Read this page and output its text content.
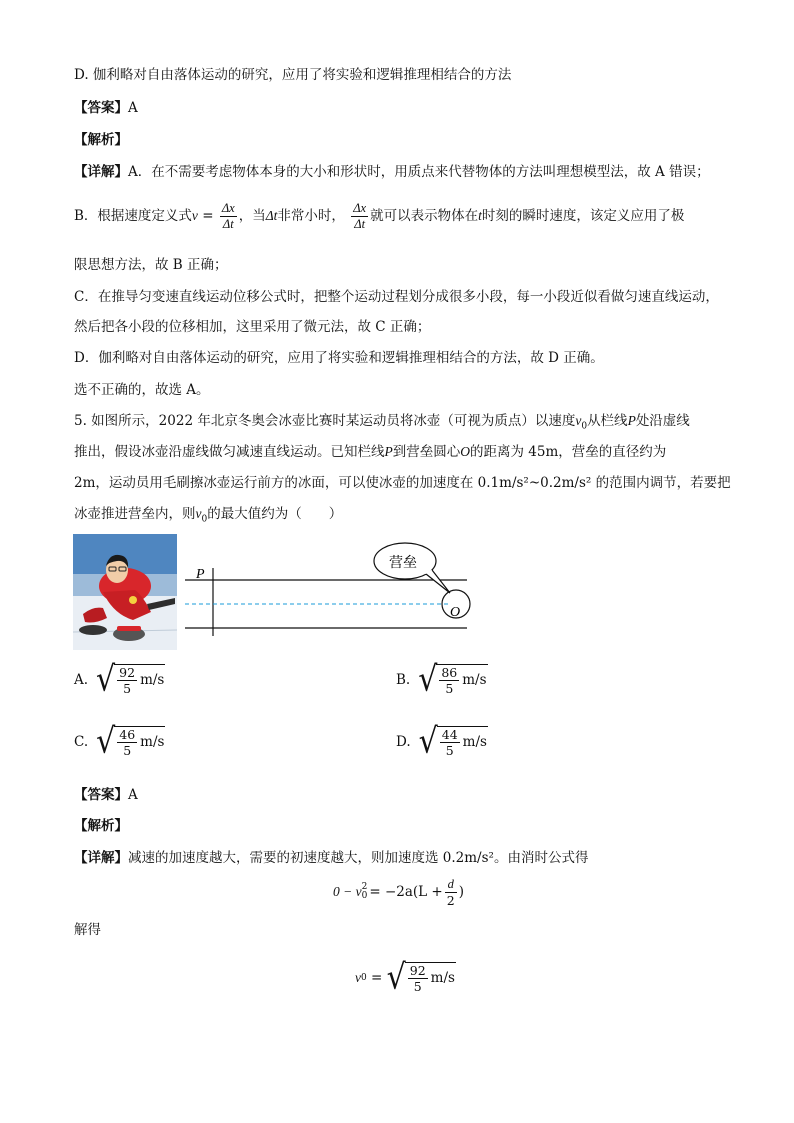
D. 伽利略对自由落体运动的研究，应用了将实验和逻辑推理相结合的方法
【答案】A
【解析】
【详解】A．在不需要考虑物体本身的大小和形状时，用质点来代替物体的方法叫理想模型法，故 A 错误；
B．根据速度定义式$v = \frac{\Delta x}{\Delta t}$ ，当Δt非常小时， $\frac{\Delta x}{\Delta t}$ 就可以表示物体在t时刻的瞬时速度，该定义应用了极
限思想方法，故 B 正确；
C．在推导匀变速直线运动位移公式时，把整个运动过程划分成很多小段，每一小段近似看做匀速直线运动，
然后把各小段的位移相加，这里采用了微元法，故 C 正确；
D．伽利略对自由落体运动的研究，应用了将实验和逻辑推理相结合的方法，故 D 正确。
选不正确的，故选 A。
5. 如图所示，2022 年北京冬奥会冰壶比赛时某运动员将冰壶（可视为质点）以速度$v_0$从栏线P处沿虚线
推出，假设冰壶沿虚线做匀减速直线运动。已知栏线P到营垒圆心O的距离为 45m，营垒的直径约为
2m，运动员用毛刷擦冰壶运行前方的冰面，可以使冰壶的加速度在 0.1m/s²~0.2m/s² 的范围内调节，若要把
冰壶推进营垒内，则$v_0$的最大值约为（　　）
P
O
营垒
A. √ $\frac{92}{5} m/s$	B. √ $\frac{86}{5} m/s$
C. √ $\frac{46}{5} m/s$	D. √ $\frac{44}{5} m/s$
【答案】A
【解析】
【详解】减速的加速度越大，需要的初速度越大，则加速度选 0.2m/s²。由消时公式得
0 − v 2
$0 = -2a(L + \frac{d}{2}$ )
解得
v 0 = √ $\frac{92}{5} m/s$
